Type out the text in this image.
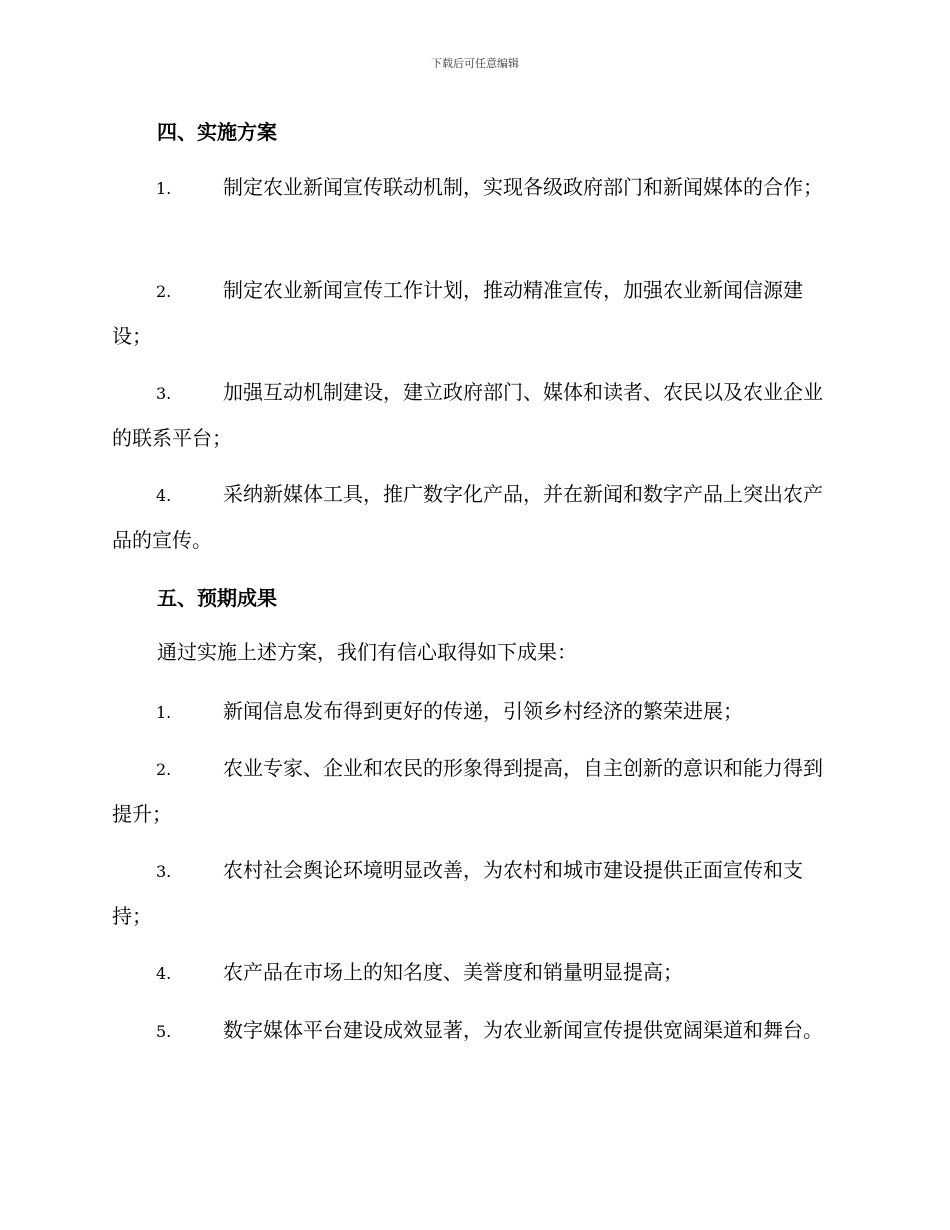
下载后可任意编辑
四、实施方案
1.	制定农业新闻宣传联动机制，实现各级政府部门和新闻媒体的合作；
2.	制定农业新闻宣传工作计划，推动精准宣传，加强农业新闻信源建设；
3.	加强互动机制建设，建立政府部门、媒体和读者、农民以及农业企业的联系平台；
4.	采纳新媒体工具，推广数字化产品，并在新闻和数字产品上突出农产品的宣传。
五、预期成果
通过实施上述方案，我们有信心取得如下成果：
1.	新闻信息发布得到更好的传递，引领乡村经济的繁荣进展；
2.	农业专家、企业和农民的形象得到提高，自主创新的意识和能力得到提升；
3.	农村社会舆论环境明显改善，为农村和城市建设提供正面宣传和支持；
4.	农产品在市场上的知名度、美誉度和销量明显提高；
5.	数字媒体平台建设成效显著，为农业新闻宣传提供宽阔渠道和舞台。
